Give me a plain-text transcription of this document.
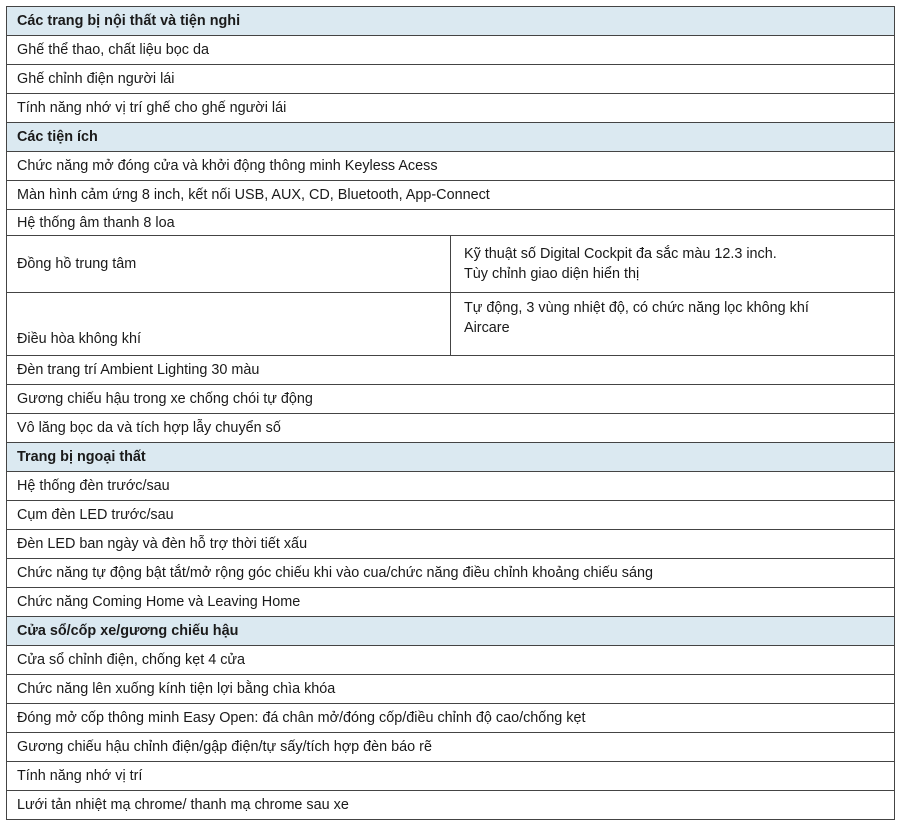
Các trang bị nội thất và tiện nghi	
Ghế thể thao, chất liệu bọc da	
Ghế chỉnh điện người lái	
Tính năng nhớ vị trí ghế cho ghế người lái	
Các tiện ích	
Chức năng mở đóng cửa và khởi động thông minh Keyless Acess	
Màn hình cảm ứng 8 inch, kết nối USB, AUX, CD, Bluetooth, App-Connect	
Hệ thống âm thanh 8 loa	
Đồng hồ trung tâm	Kỹ thuật số Digital Cockpit đa sắc màu 12.3 inch.
Tùy chỉnh giao diện hiển thị

Điều hòa không khí	Tự động, 3 vùng nhiệt độ, có chức năng lọc không khí
Aircare

Đèn trang trí Ambient Lighting 30 màu	
Gương chiếu hậu trong xe chống chói tự động	
Vô lăng bọc da và tích hợp lẫy chuyển số	
Trang bị ngoại thất	
Hệ thống đèn trước/sau	
Cụm đèn LED trước/sau	
Đèn LED ban ngày và đèn hỗ trợ thời tiết xấu	
Chức năng tự động bật tắt/mở rộng góc chiếu khi vào cua/chức năng điều chỉnh khoảng chiếu sáng	
Chức năng Coming Home và Leaving Home	
Cửa sổ/cốp xe/gương chiếu hậu	
Cửa sổ chỉnh điện, chống kẹt 4 cửa	
Chức năng lên xuống kính tiện lợi bằng chìa khóa	
Đóng mở cốp thông minh Easy Open: đá chân mở/đóng cốp/điều chỉnh độ cao/chống kẹt	
Gương chiếu hậu chỉnh điện/gập điện/tự sấy/tích hợp đèn báo rẽ	
Tính năng nhớ vị trí	
Lưới tản nhiệt mạ chrome/ thanh mạ chrome sau xe	
